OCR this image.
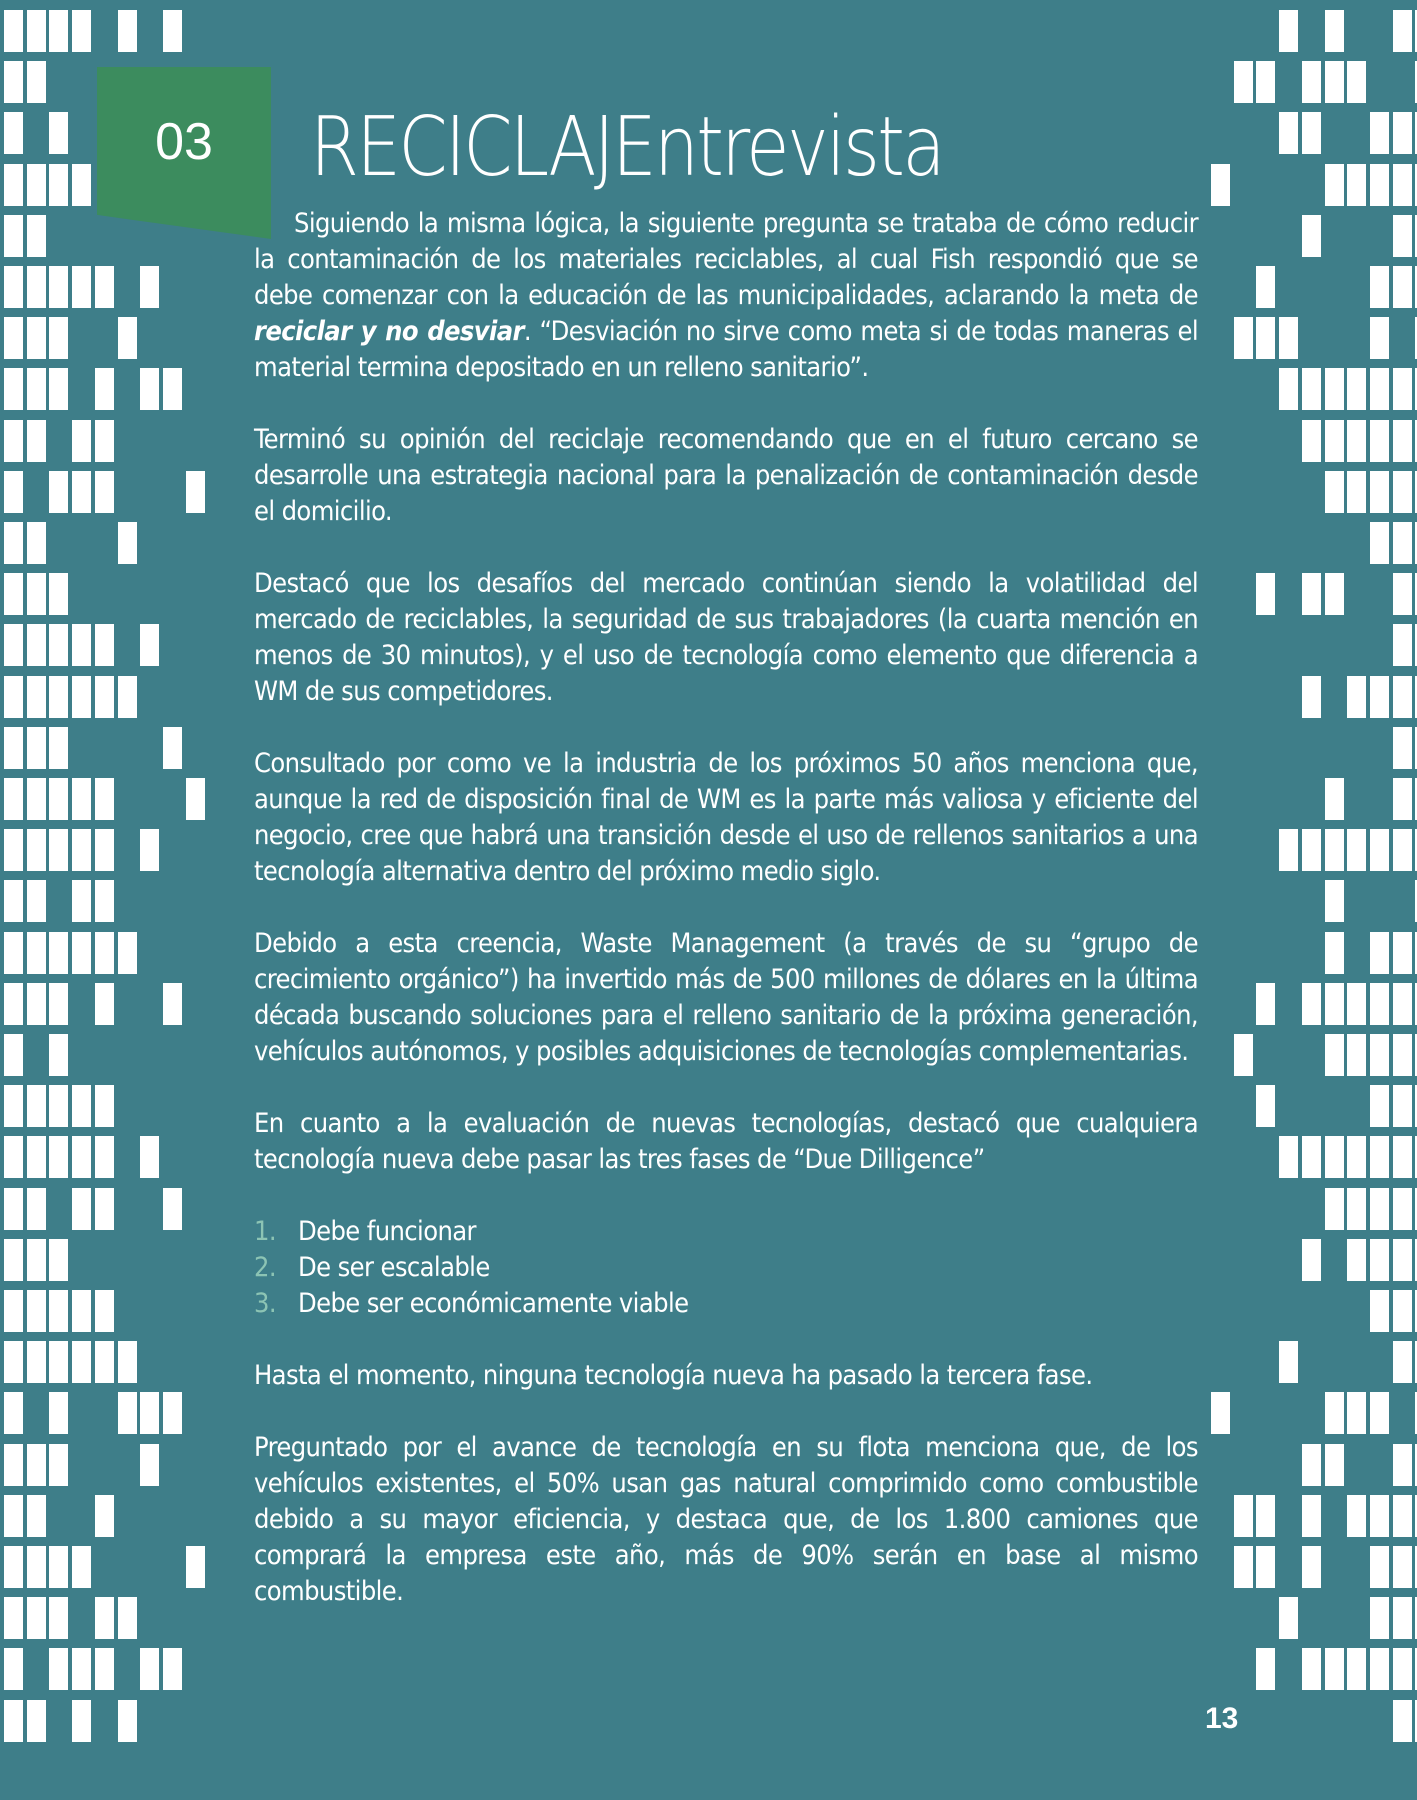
03	RECICLAJEntrevista

Siguiendo la misma lógica, la siguiente pregunta se trataba de cómo reducir la contaminación de los materiales reciclables, al cual Fish respondió que se debe comenzar con la educación de las municipalidades, aclarando la meta de reciclar y no desviar. “Desviación no sirve como meta si de todas maneras el material termina depositado en un relleno sanitario”.

Terminó su opinión del reciclaje recomendando que en el futuro cercano se desarrolle una estrategia nacional para la penalización de contaminación desde el domicilio.

Destacó que los desafíos del mercado continúan siendo la volatilidad del mercado de reciclables, la seguridad de sus trabajadores (la cuarta mención en menos de 30 minutos), y el uso de tecnología como elemento que diferencia a WM de sus competidores.

Consultado por como ve la industria de los próximos 50 años menciona que, aunque la red de disposición final de WM es la parte más valiosa y eficiente del negocio, cree que habrá una transición desde el uso de rellenos sanitarios a una tecnología alternativa dentro del próximo medio siglo.

Debido a esta creencia, Waste Management (a través de su “grupo de crecimiento orgánico”) ha invertido más de 500 millones de dólares en la última década buscando soluciones para el relleno sanitario de la próxima generación, vehículos autónomos, y posibles adquisiciones de tecnologías complementarias.

En cuanto a la evaluación de nuevas tecnologías, destacó que cualquiera tecnología nueva debe pasar las tres fases de “Due Dilligence”

1. Debe funcionar
2. De ser escalable
3. Debe ser económicamente viable

Hasta el momento, ninguna tecnología nueva ha pasado la tercera fase.

Preguntado por el avance de tecnología en su flota menciona que, de los vehículos existentes, el 50% usan gas natural comprimido como combustible debido a su mayor eficiencia, y destaca que, de los 1.800 camiones que comprará la empresa este año, más de 90% serán en base al mismo combustible.

13
